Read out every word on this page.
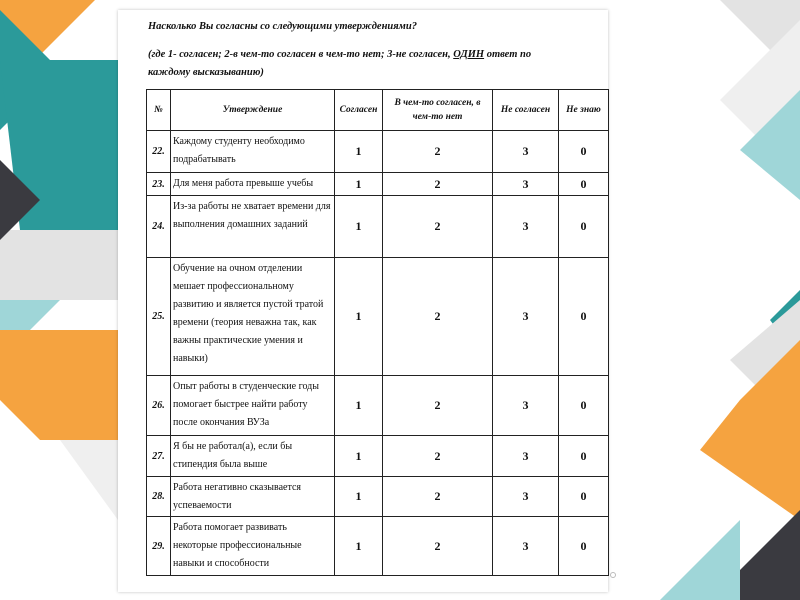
Насколько Вы согласны со следующими утверждениями?
(где 1- согласен; 2-в чем-то согласен в чем-то нет; 3-не согласен, ОДИН ответ по
каждому высказыванию)
№	Утверждение	Согласен	В чем-то согласен, в
чем-то нет	Не согласен	Не знаю
22.	Каждому студенту необходимо подрабатывать	1	2	3	0
23.	Для меня работа превыше учебы	1	2	3	0
24.	Из-за работы не хватает времени для выполнения домашних заданий	1	2	3	0
25.	Обучение на очном отделении мешает профессиональному развитию и является пустой тратой времени (теория неважна так, как важны практические умения и навыки)	1	2	3	0
26.	Опыт работы в студенческие годы помогает быстрее найти работу после окончания ВУЗа	1	2	3	0
27.	Я бы не работал(а), если бы стипендия была выше	1	2	3	0
28.	Работа негативно сказывается успеваемости	1	2	3	0
29.	Работа помогает развивать некоторые профессиональные навыки и способности	1	2	3	0
